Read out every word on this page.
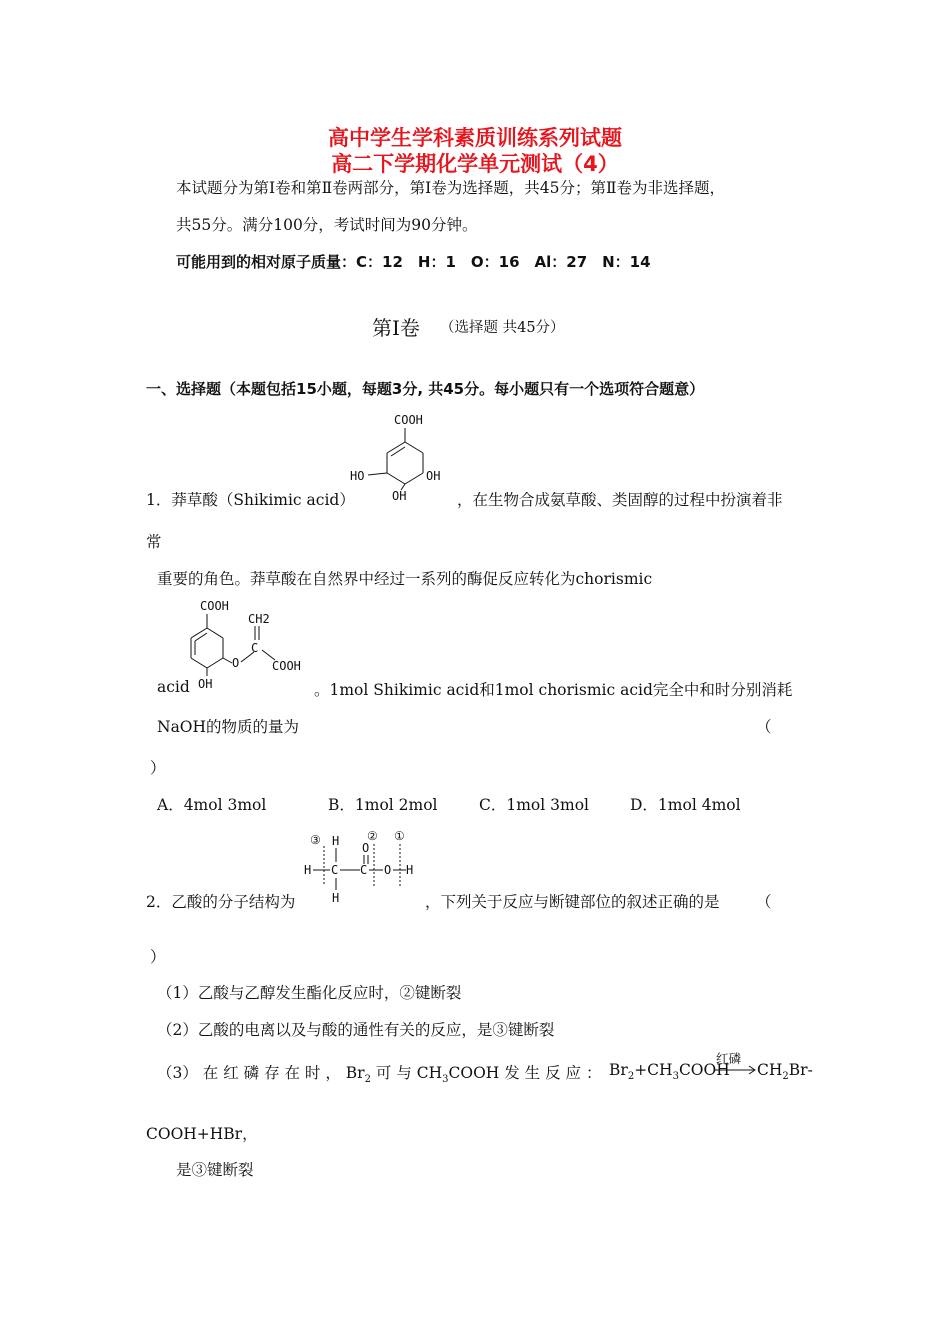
高中学生学科素质训练系列试题
高二下学期化学单元测试（4）
本试题分为第Ⅰ卷和第Ⅱ卷两部分，第Ⅰ卷为选择题，共45分；第Ⅱ卷为非选择题，
共55分。满分100分，考试时间为90分钟。
可能用到的相对原子质量：C：12　H：1　O：16　Al：27　N：14
第Ⅰ卷 （选择题 共45分）
一、选择题（本题包括15小题，每题3分, 共45分。每小题只有一个选项符合题意）
1．莽草酸（Shikimic acid）
COOH
HO	OH
OH	，在生物合成氨草酸、类固醇的过程中扮演着非
常
重要的角色。莽草酸在自然界中经过一系列的酶促反应转化为chorismic
COOH
O
C
CH2
COOH
OH
acid	。1mol Shikimic acid和1mol chorismic acid完全中和时分别消耗
NaOH的物质的量为	（
）
A．4mol 3mol	B．1mol 2mol	C．1mol 3mol	D．1mol 4mol
2．乙酸的分子结构为
③ H ② ①
O
H C C O H
H	，下列关于反应与断键部位的叙述正确的是 （
）
（1）乙酸与乙醇发生酯化反应时，②键断裂
（2）乙酸的电离以及与酸的通性有关的反应，是③键断裂
（3） 在 红 磷 存 在 时 ， $Br_2$ 可 与 $CH_3COOH$ 发 生 反 应 ： $Br_2+CH_3COOH$
红磷
→ $CH_2Br-$
COOH+HBr，
是③键断裂
